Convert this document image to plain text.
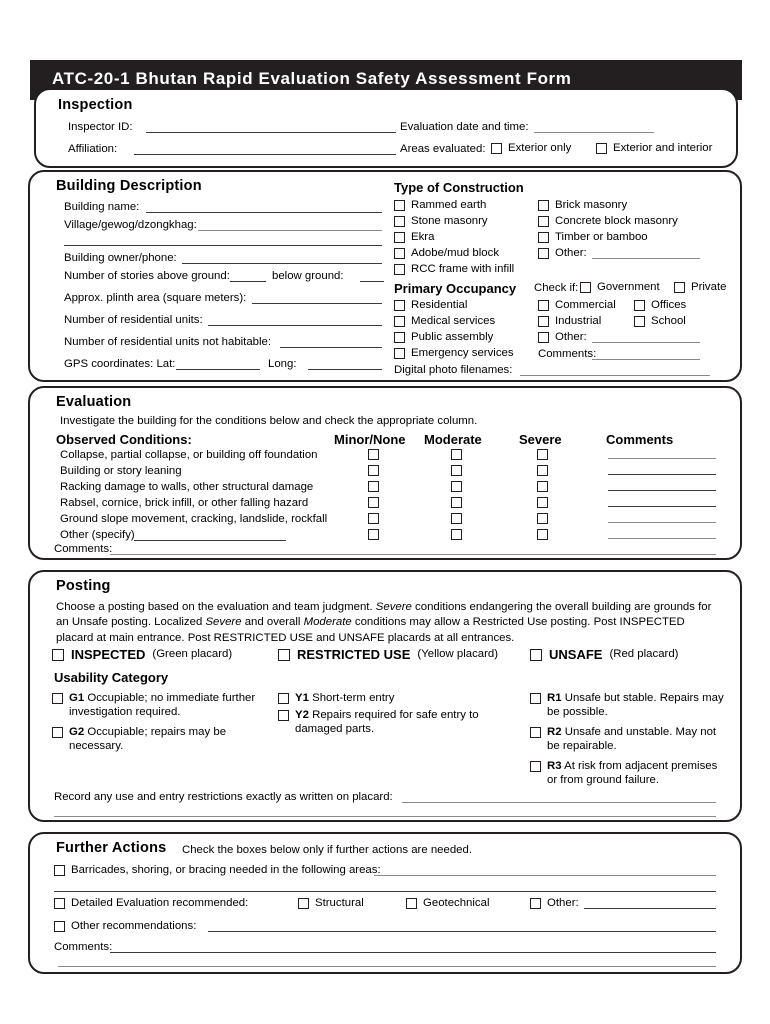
ATC-20-1 Bhutan Rapid Evaluation Safety Assessment Form
Inspection
Inspector ID:
Affiliation:
Evaluation date and time:
Areas evaluated: Exterior only	Exterior and interior
Building Description
Building name:
Village/gewog/dzongkhag:
Building owner/phone:
Number of stories above ground:	below ground:
Approx. plinth area (square meters):
Number of residential units:
Number of residential units not habitable:
GPS coordinates: Lat:	Long:
Type of Construction
Rammed earth
Stone masonry
Ekra
Adobe/mud block
RCC frame with infill
Brick masonry
Concrete block masonry
Timber or bamboo
Other:
Primary Occupancy Check if: Government	Private
Residential
Medical services
Public assembly
Emergency services
Commercial
Industrial
Other:
Offices
School
Comments:
Digital photo filenames:
Evaluation
Investigate the building for the conditions below and check the appropriate column.
Observed Conditions:	Minor/None Moderate	Severe	Comments
Collapse, partial collapse, or building off foundation
Building or story leaning
Racking damage to walls, other structural damage
Rabsel, cornice, brick infill, or other falling hazard
Ground slope movement, cracking, landslide, rockfall
Other (specify)
Comments:
Posting
Choose a posting based on the evaluation and team judgment. Severe conditions endangering the overall building are grounds for an Unsafe posting. Localized Severe and overall Moderate conditions may allow a Restricted Use posting. Post INSPECTED placard at main entrance. Post RESTRICTED USE and UNSAFE placards at all entrances.
INSPECTED (Green placard)	RESTRICTED USE (Yellow placard)	UNSAFE (Red placard)
Usability Category
G1 Occupiable; no immediate further investigation required.
G2 Occupiable; repairs may be necessary.
Y1 Short-term entry
Y2 Repairs required for safe entry to damaged parts.
R1 Unsafe but stable. Repairs may be possible.
R2 Unsafe and unstable. May not be repairable.
R3 At risk from adjacent premises or from ground failure.
Record any use and entry restrictions exactly as written on placard:
Further Actions Check the boxes below only if further actions are needed.
Barricades, shoring, or bracing needed in the following areas:
Detailed Evaluation recommended:	Structural	Geotechnical	Other:
Other recommendations:
Comments:
